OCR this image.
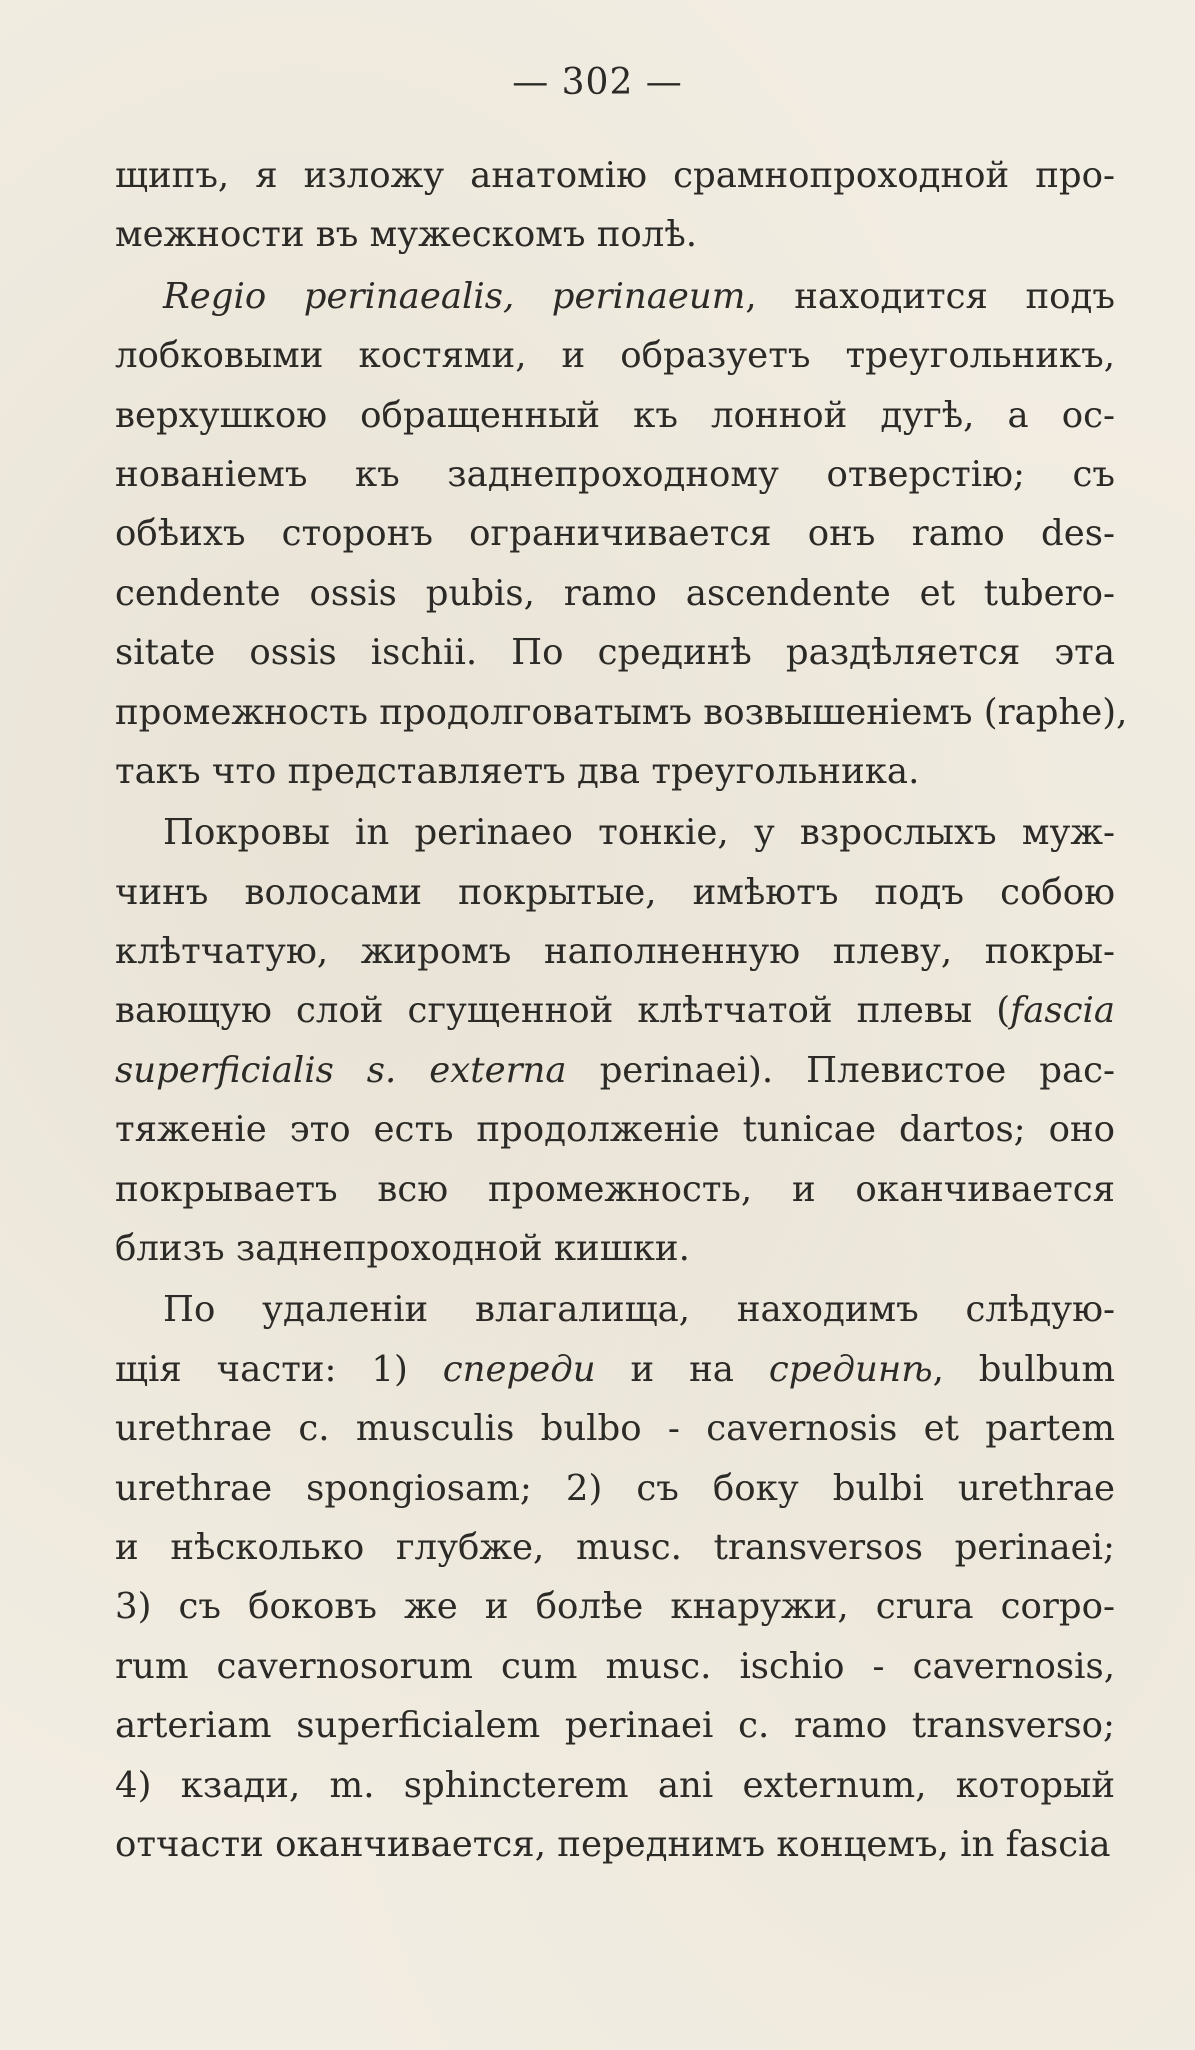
— 302 —
щипъ, я изложу анатомію срамнопроходной про-
межности въ мужескомъ полѣ.
Regio perinaealis, perinaeum, находится подъ
лобковыми костями, и образуетъ треугольникъ,
верхушкою обращенный къ лонной дугѣ, а ос-
нованіемъ къ заднепроходному отверстію; съ
обѣихъ сторонъ ограничивается онъ ramo des-
cendente ossis pubis, ramo ascendente et tubero-
sitate ossis ischii. По срединѣ раздѣляется эта
промежность продолговатымъ возвышеніемъ (raphe),
такъ что представляетъ два треугольника.
Покровы in perinaeo тонкіе, у взрослыхъ муж-
чинъ волосами покрытые, имѣютъ подъ собою
клѣтчатую, жиромъ наполненную плеву, покры-
вающую слой сгущенной клѣтчатой плевы (fascia
superficialis s. externa perinaei). Плевистое рас-
тяженіе это есть продолженіе tunicae dartos; оно
покрываетъ всю промежность, и оканчивается
близъ заднепроходной кишки.
По удаленіи влагалища, находимъ слѣдую-
щія части: 1) спереди и на срединѣ, bulbum
urethrae c. musculis bulbo - cavernosis et partem
urethrae spongiosam; 2) съ боку bulbi urethrae
и нѣсколько глубже, musc. transversos perinaei;
3) съ боковъ же и болѣе кнаружи, crura corpo-
rum cavernosorum cum musc. ischio - cavernosis,
arteriam superficialem perinaei c. ramo transverso;
4) кзади, m. sphincterem ani externum, который
отчасти оканчивается, переднимъ концемъ, in fascia
